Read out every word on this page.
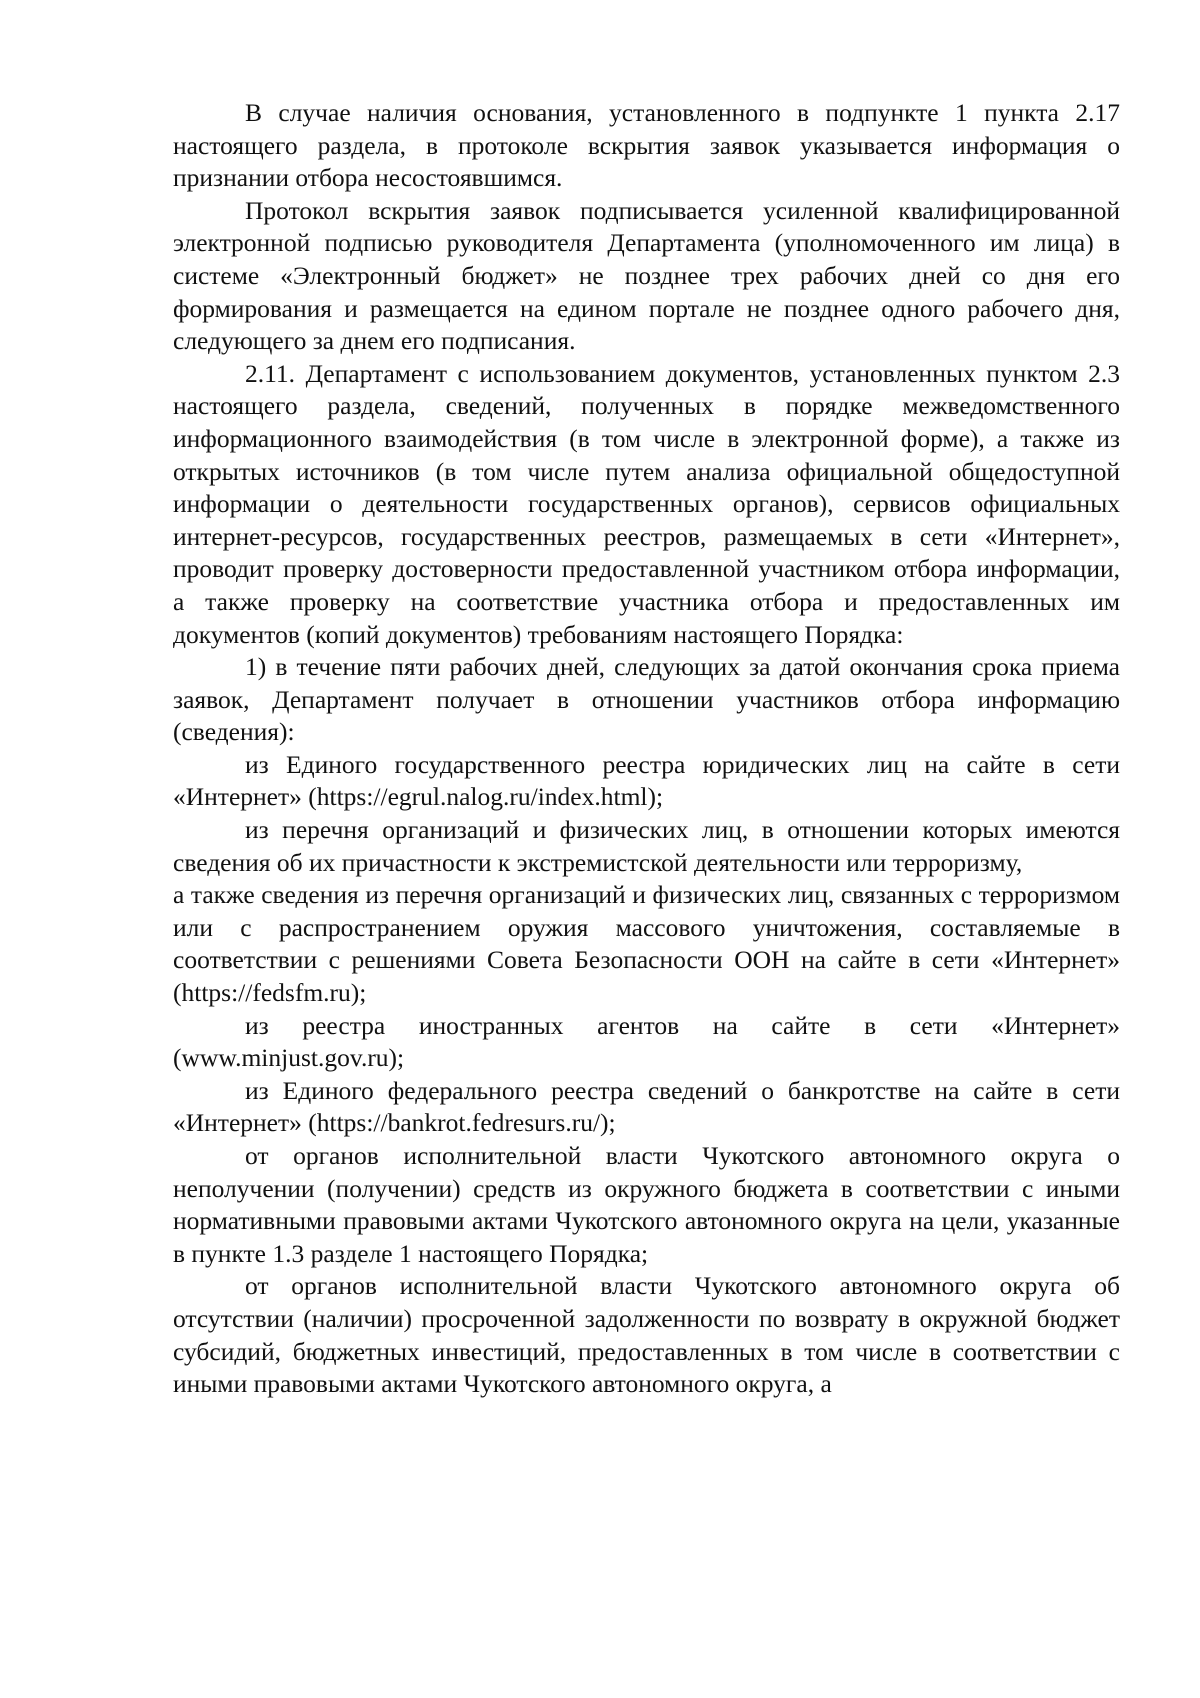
В случае наличия основания, установленного в подпункте 1 пункта 2.17 настоящего раздела, в протоколе вскрытия заявок указывается информация о признании отбора несостоявшимся.

Протокол вскрытия заявок подписывается усиленной квалифицированной электронной подписью руководителя Департамента (уполномоченного им лица) в системе «Электронный бюджет» не позднее трех рабочих дней со дня его формирования и размещается на едином портале не позднее одного рабочего дня, следующего за днем его подписания.

2.11. Департамент с использованием документов, установленных пунктом 2.3 настоящего раздела, сведений, полученных в порядке межведомственного информационного взаимодействия (в том числе в электронной форме), а также из открытых источников (в том числе путем анализа официальной общедоступной информации о деятельности государственных органов), сервисов официальных интернет-ресурсов, государственных реестров, размещаемых в сети «Интернет», проводит проверку достоверности предоставленной участником отбора информации, а также проверку на соответствие участника отбора и предоставленных им документов (копий документов) требованиям настоящего Порядка:

1) в течение пяти рабочих дней, следующих за датой окончания срока приема заявок, Департамент получает в отношении участников отбора информацию (сведения):

из Единого государственного реестра юридических лиц на сайте в сети «Интернет» (https://egrul.nalog.ru/index.html);

из перечня организаций и физических лиц, в отношении которых имеются сведения об их причастности к экстремистской деятельности или терроризму,

а также сведения из перечня организаций и физических лиц, связанных с терроризмом или с распространением оружия массового уничтожения, составляемые в соответствии с решениями Совета Безопасности ООН на сайте в сети «Интернет» (https://fedsfm.ru);

из реестра иностранных агентов на сайте в сети «Интернет» (www.minjust.gov.ru);

из Единого федерального реестра сведений о банкротстве на сайте в сети «Интернет» (https://bankrot.fedresurs.ru/);

от органов исполнительной власти Чукотского автономного округа о неполучении (получении) средств из окружного бюджета в соответствии с иными нормативными правовыми актами Чукотского автономного округа на цели, указанные в пункте 1.3 разделе 1 настоящего Порядка;

от органов исполнительной власти Чукотского автономного округа об отсутствии (наличии) просроченной задолженности по возврату в окружной бюджет субсидий, бюджетных инвестиций, предоставленных в том числе в соответствии с иными правовыми актами Чукотского автономного округа, а
